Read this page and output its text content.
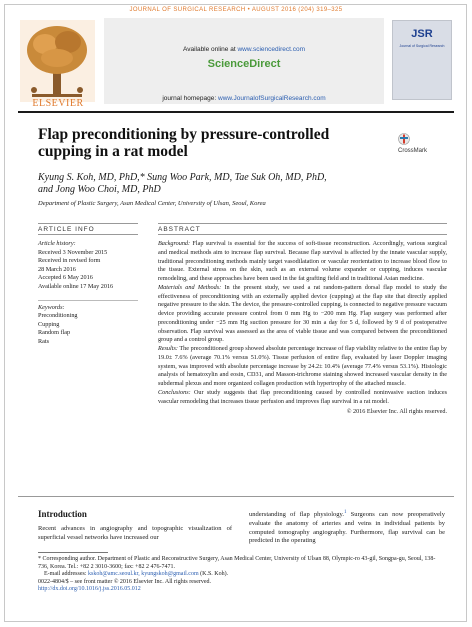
JOURNAL OF SURGICAL RESEARCH • AUGUST 2016 (204) 319–325
ELSEVIER
Available online at www.sciencedirect.com
ScienceDirect
journal homepage: www.JournalofSurgicalResearch.com
JSR
Journal of Surgical Research
Flap preconditioning by pressure-controlled
cupping in a rat model	CrossMark
Kyung S. Koh, MD, PhD,* Sung Woo Park, MD, Tae Suk Oh, MD, PhD,
and Jong Woo Choi, MD, PhD
Department of Plastic Surgery, Asan Medical Center, University of Ulsan, Seoul, Korea
ARTICLE INFO	ABSTRACT
Article history:
Received 3 November 2015
Received in revised form
28 March 2016
Accepted 6 May 2016
Available online 17 May 2016
Keywords:
Preconditioning
Cupping
Random flap
Rats
Background: Flap survival is essential for the success of soft-tissue reconstruction. Accordingly, various surgical and medical methods aim to increase flap survival. Because flap survival is affected by the innate vascular supply, traditional preconditioning methods mainly target vasodilatation or vascular reorientation to increase blood flow to the tissue. External stress on the skin, such as an external volume expander or cupping, induces vascular remodeling, and these approaches have been used in the fat grafting field and in traditional Asian medicine.
Materials and Methods: In the present study, we used a rat random-pattern dorsal flap model to study the effectiveness of preconditioning with an externally applied device (cupping) at the flap site that directly applied negative pressure to the skin. The device, the pressure-controlled cupping, is connected to negative pressure vacuum device providing accurate pressure control from 0 mm Hg to −200 mm Hg. Flap surgery was performed after preconditioning under −25 mm Hg suction pressure for 30 min a day for 5 d, followed by 9 d of postoperative observation. Flap survival was assessed as the area of viable tissue and was compared between the preconditioned group and a control group.
Results: The preconditioned group showed absolute percentage increase of flap viability relative to the entire flap by 19.0± 7.6% (average 70.1% versus 51.0%). Tissue perfusion of entire flap, evaluated by laser Doppler imaging system, was improved with absolute percentage increase by 24.2± 10.4% (average 77.4% versus 53.1%). Histologic analysis of hematoxylin and eosin, CD31, and Masson-trichrome staining showed increased vascular density in the subdermal plexus and more organized collagen production with hypertrophy of the attached muscle.
Conclusions: Our study suggests that flap preconditioning caused by controlled noninvasive suction induces vascular remodeling that increases tissue perfusion and improves flap survival in a rat model.
© 2016 Elsevier Inc. All rights reserved.
Introduction
Recent advances in angiography and topographic visualization of superficial vessel networks have increased our
understanding of flap physiology.$^1$ Surgeons can now preoperatively evaluate the anatomy of arteries and veins in individual patients by computed tomography angiography. Furthermore, flap survival can be predicted in the operating
* Corresponding author. Department of Plastic and Reconstructive Surgery, Asan Medical Center, University of Ulsan 88, Olympic-ro 43-gil, Songpa-gu, Seoul, 138-736, Korea. Tel.: +82 2 3010-3600; fax: +82 2 476-7471.
E-mail addresses: kskoh@amc.seoul.kr, kyungskoh@gmail.com (K.S. Koh).
0022-4804/$ – see front matter © 2016 Elsevier Inc. All rights reserved.
http://dx.doi.org/10.1016/j.jss.2016.05.012
